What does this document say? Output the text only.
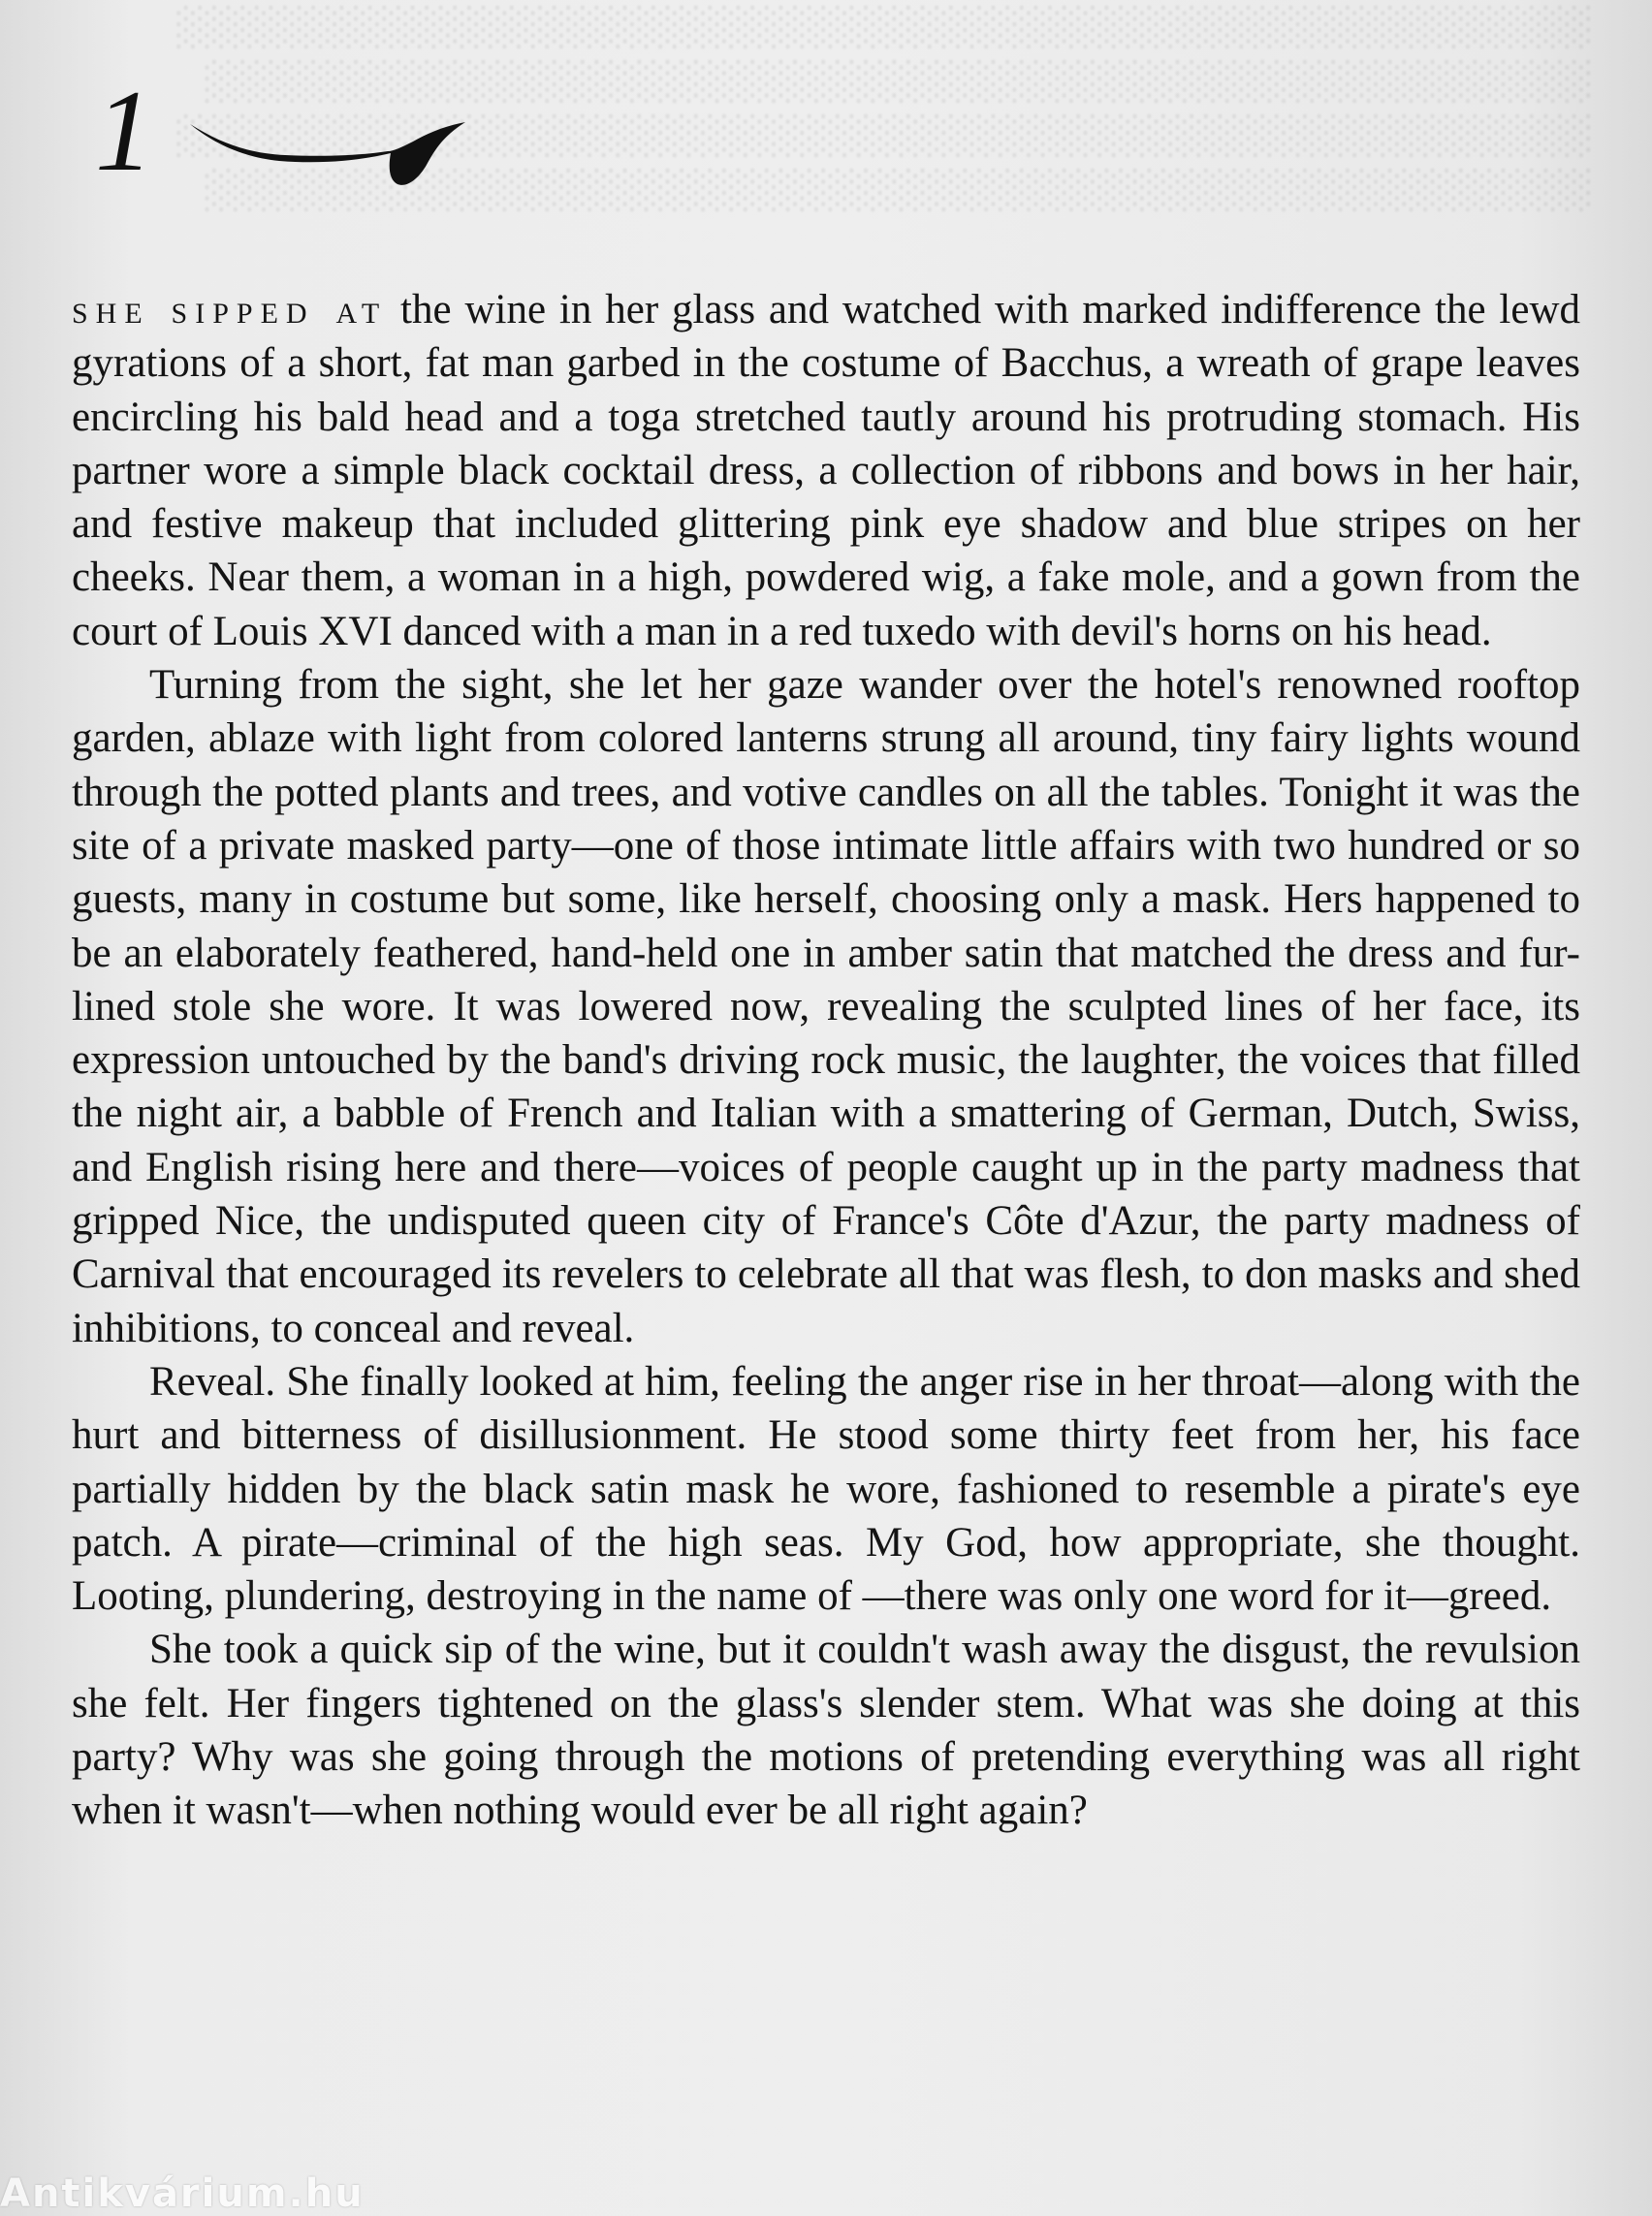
░░░░░░░░░░░░░░░░░░░░░░░░░░░░░░░░░░░░░░░░░░░░░░░░░░
░░░░░░░░░░░░░░░░░░░░░░░░░░░░░░░░░░░░░░░░░░░░░░░░░
░░░░░░░░░░░░░░░░░░░░░░░░░░░░░░░░░░░░░░░░░░░░░░░░░░
░░░░░░░░░░░░░░░░░░░░░░░░░░░░░░░░░░░░░░░░░░░░░░░░░
1

she sipped at the wine in her glass and watched with marked indifference the lewd gyrations of a short, fat man garbed in the costume of Bacchus, a wreath of grape leaves encircling his bald head and a toga stretched tautly around his protruding stomach. His partner wore a simple black cocktail dress, a collection of ribbons and bows in her hair, and festive makeup that included glittering pink eye shadow and blue stripes on her cheeks. Near them, a woman in a high, powdered wig, a fake mole, and a gown from the court of Louis XVI danced with a man in a red tuxedo with devil's horns on his head.

Turning from the sight, she let her gaze wander over the hotel's renowned rooftop garden, ablaze with light from colored lanterns strung all around, tiny fairy lights wound through the potted plants and trees, and votive candles on all the tables. Tonight it was the site of a private masked party—one of those intimate little affairs with two hundred or so guests, many in costume but some, like herself, choosing only a mask. Hers happened to be an elaborately feathered, hand-held one in amber satin that matched the dress and fur-lined stole she wore. It was lowered now, revealing the sculpted lines of her face, its expression untouched by the band's driving rock music, the laughter, the voices that filled the night air, a babble of French and Italian with a smattering of German, Dutch, Swiss, and English rising here and there—voices of people caught up in the party madness that gripped Nice, the undisputed queen city of France's Côte d'Azur, the party madness of Carnival that encouraged its revelers to celebrate all that was flesh, to don masks and shed inhibitions, to conceal and reveal.

Reveal. She finally looked at him, feeling the anger rise in her throat—along with the hurt and bitterness of disillusionment. He stood some thirty feet from her, his face partially hidden by the black satin mask he wore, fashioned to resemble a pirate's eye patch. A pirate—criminal of the high seas. My God, how appropriate, she thought. Looting, plundering, destroying in the name of —there was only one word for it—greed.

She took a quick sip of the wine, but it couldn't wash away the disgust, the revulsion she felt. Her fingers tightened on the glass's slender stem. What was she doing at this party? Why was she going through the motions of pretending everything was all right when it wasn't—when nothing would ever be all right again?

Antikvárium.hu
